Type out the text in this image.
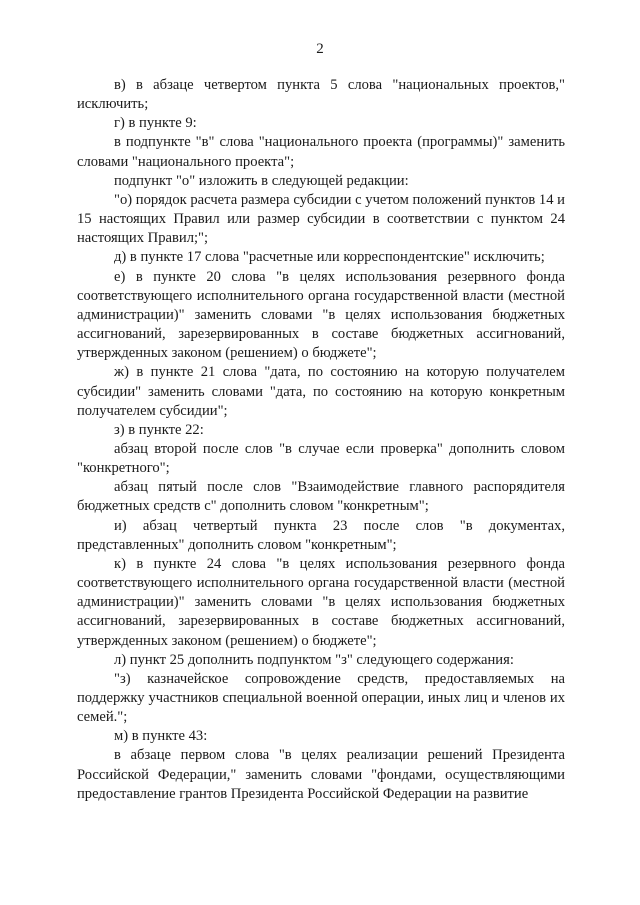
2

в) в абзаце четвертом пункта 5 слова "национальных проектов," исключить;

г) в пункте 9:

в подпункте "в" слова "национального проекта (программы)" заменить словами "национального проекта";

подпункт "о" изложить в следующей редакции:

"о) порядок расчета размера субсидии с учетом положений пунктов 14 и 15 настоящих Правил или размер субсидии в соответствии с пунктом 24 настоящих Правил;";

д) в пункте 17 слова "расчетные или корреспондентские" исключить;

е) в пункте 20 слова "в целях использования резервного фонда соответствующего исполнительного органа государственной власти (местной администрации)" заменить словами "в целях использования бюджетных ассигнований, зарезервированных в составе бюджетных ассигнований, утвержденных законом (решением) о бюджете";

ж) в пункте 21 слова "дата, по состоянию на которую получателем субсидии" заменить словами "дата, по состоянию на которую конкретным получателем субсидии";

з) в пункте 22:

абзац второй после слов "в случае если проверка" дополнить словом "конкретного";

абзац пятый после слов "Взаимодействие главного распорядителя бюджетных средств с" дополнить словом "конкретным";

и) абзац четвертый пункта 23 после слов "в документах, представленных" дополнить словом "конкретным";

к) в пункте 24 слова "в целях использования резервного фонда соответствующего исполнительного органа государственной власти (местной администрации)" заменить словами "в целях использования бюджетных ассигнований, зарезервированных в составе бюджетных ассигнований, утвержденных законом (решением) о бюджете";

л) пункт 25 дополнить подпунктом "з" следующего содержания:

"з) казначейское сопровождение средств, предоставляемых на поддержку участников специальной военной операции, иных лиц и членов их семей.";

м) в пункте 43:

в абзаце первом слова "в целях реализации решений Президента Российской Федерации," заменить словами "фондами, осуществляющими предоставление грантов Президента Российской Федерации на развитие
